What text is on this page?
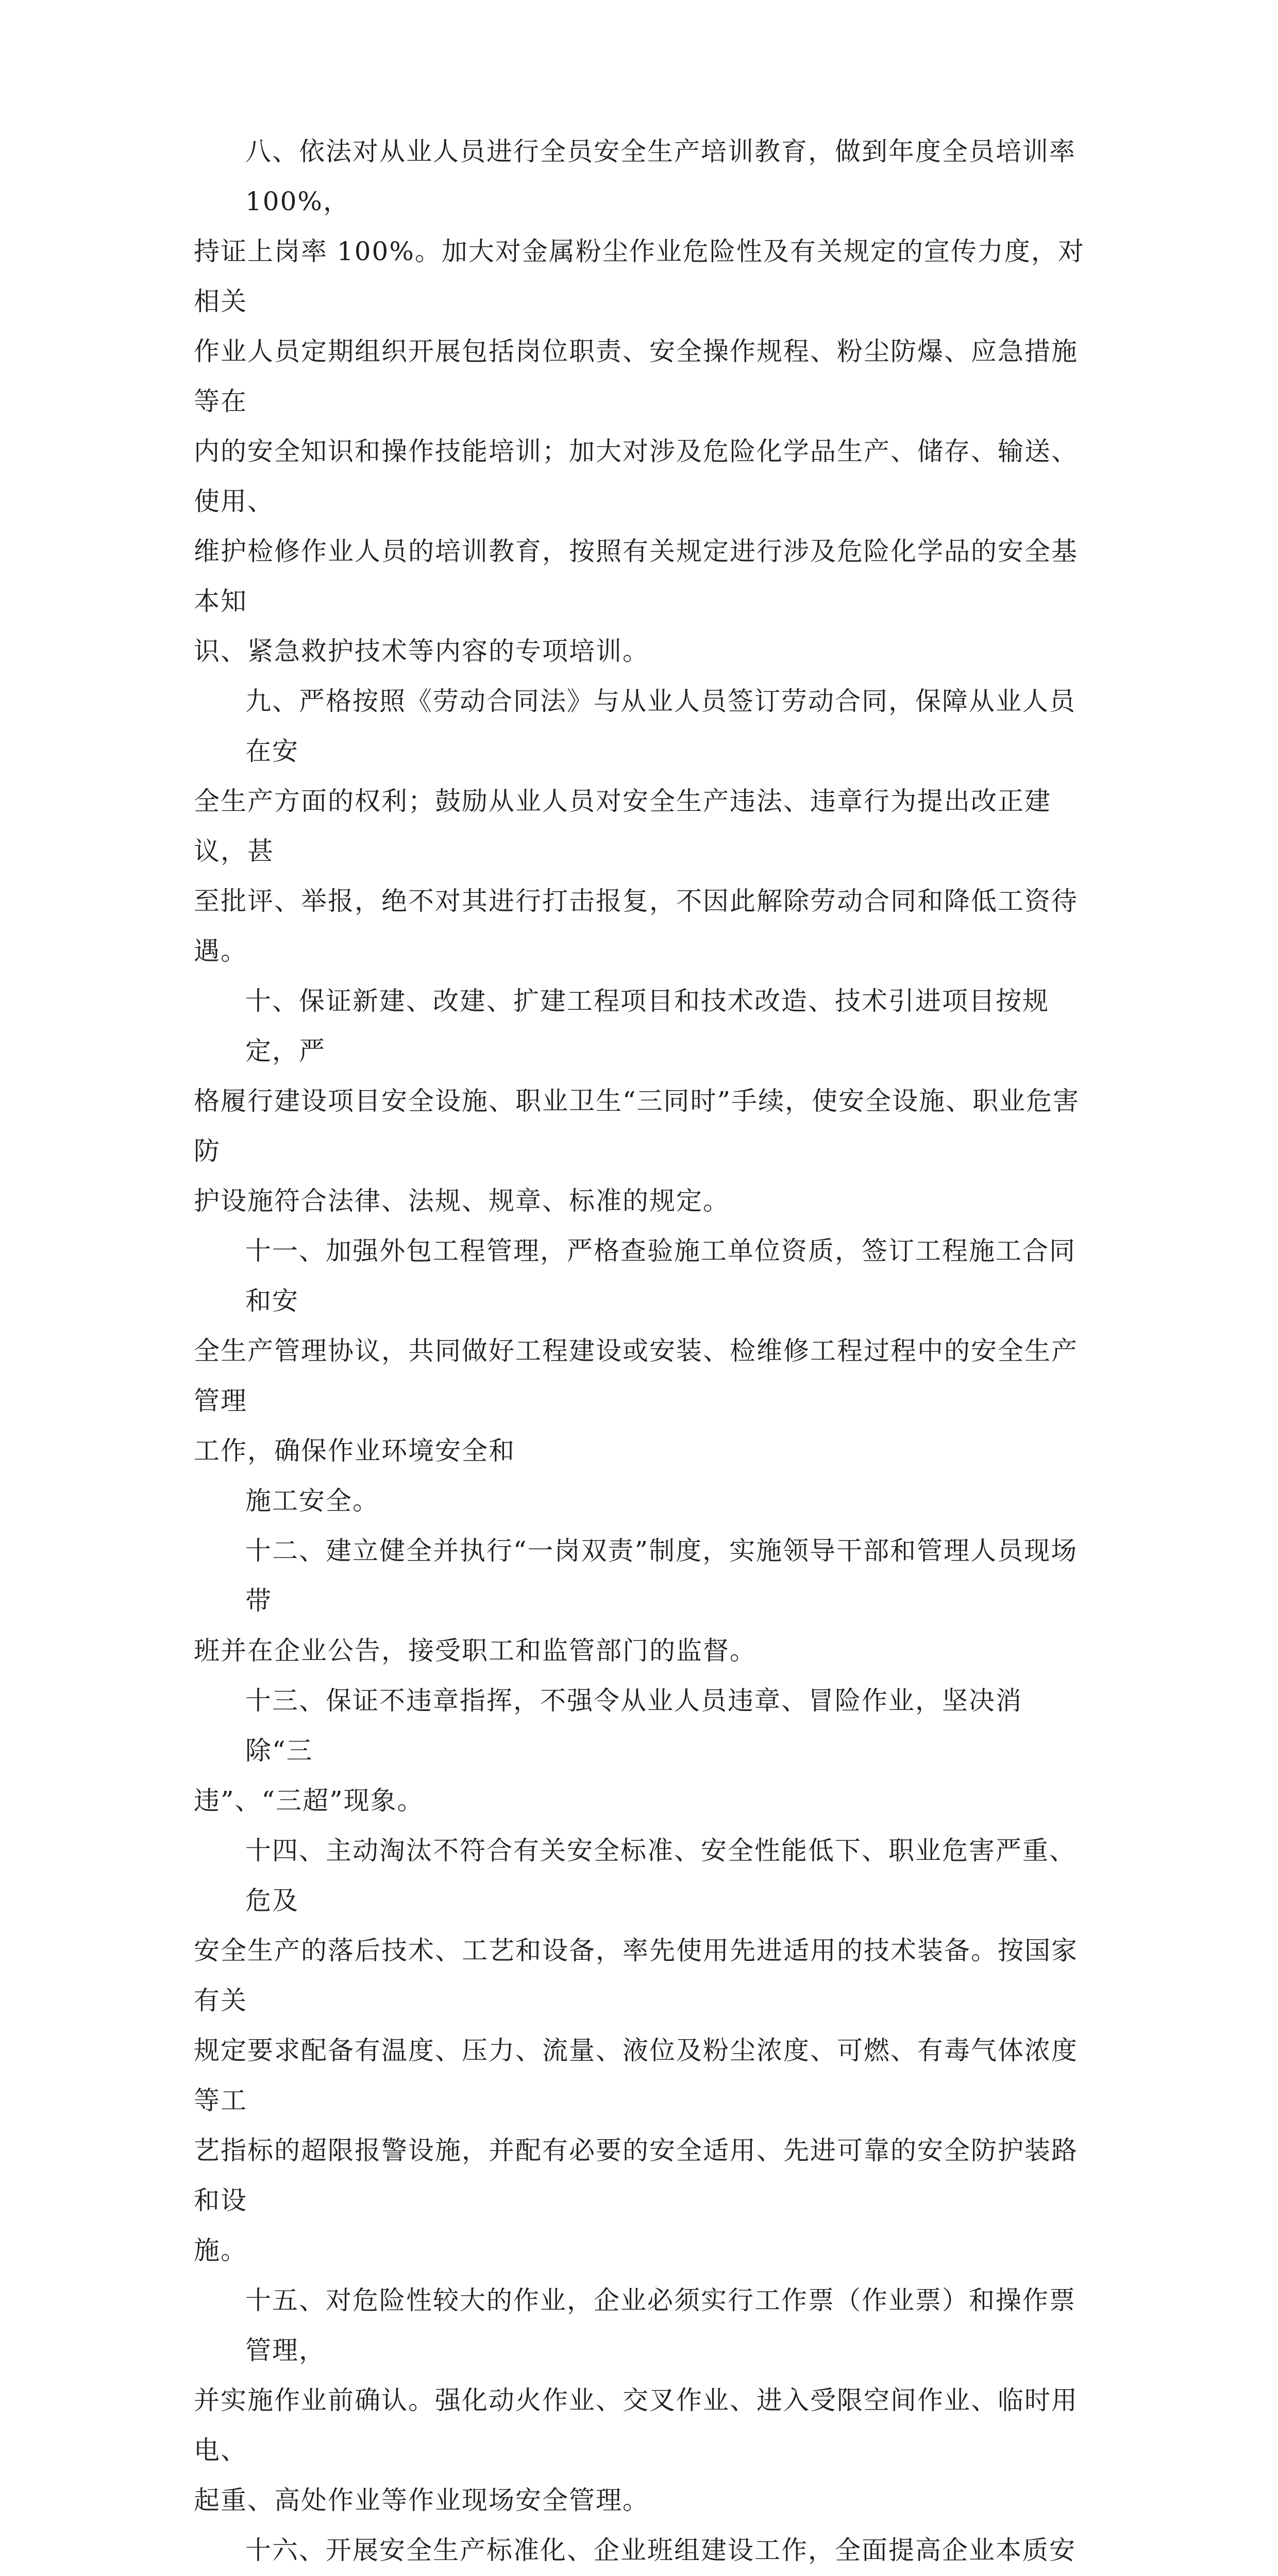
八、依法对从业人员进行全员安全生产培训教育，做到年度全员培训率100%，

持证上岗率 100%。加大对金属粉尘作业危险性及有关规定的宣传力度，对相关

作业人员定期组织开展包括岗位职责、安全操作规程、粉尘防爆、应急措施等在

内的安全知识和操作技能培训；加大对涉及危险化学品生产、储存、输送、使用、

维护检修作业人员的培训教育，按照有关规定进行涉及危险化学品的安全基本知

识、紧急救护技术等内容的专项培训。

九、严格按照《劳动合同法》与从业人员签订劳动合同，保障从业人员在安

全生产方面的权利；鼓励从业人员对安全生产违法、违章行为提出改正建议，甚

至批评、举报，绝不对其进行打击报复，不因此解除劳动合同和降低工资待遇。

十、保证新建、改建、扩建工程项目和技术改造、技术引进项目按规定，严

格履行建设项目安全设施、职业卫生“三同时”手续，使安全设施、职业危害防

护设施符合法律、法规、规章、标准的规定。

十一、加强外包工程管理，严格查验施工单位资质，签订工程施工合同和安

全生产管理协议，共同做好工程建设或安装、检维修工程过程中的安全生产管理

工作，确保作业环境安全和

施工安全。

十二、建立健全并执行“一岗双责”制度，实施领导干部和管理人员现场带

班并在企业公告，接受职工和监管部门的监督。

十三、保证不违章指挥，不强令从业人员违章、冒险作业，坚决消除“三

违”、“三超”现象。

十四、主动淘汰不符合有关安全标准、安全性能低下、职业危害严重、危及

安全生产的落后技术、工艺和设备，率先使用先进适用的技术装备。按国家有关

规定要求配备有温度、压力、流量、液位及粉尘浓度、可燃、有毒气体浓度等工

艺指标的超限报警设施，并配有必要的安全适用、先进可靠的安全防护装路和设

施。

十五、对危险性较大的作业，企业必须实行工作票（作业票）和操作票管理，

并实施作业前确认。强化动火作业、交叉作业、进入受限空间作业、临时用电、

起重、高处作业等作业现场安全管理。

十六、开展安全生产标准化、企业班组建设工作，全面提高企业本质安
